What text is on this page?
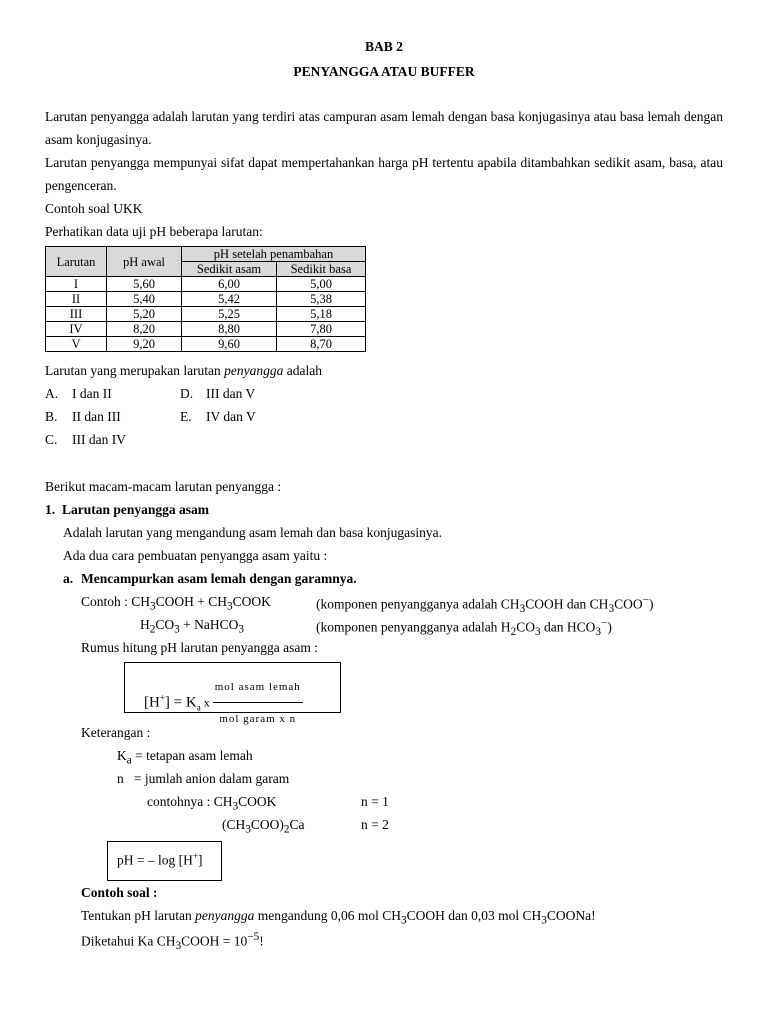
BAB 2
PENYANGGA ATAU BUFFER
Larutan penyangga adalah larutan yang terdiri atas campuran asam lemah dengan basa konjugasinya atau basa lemah dengan asam konjugasinya.
Larutan penyangga mempunyai sifat dapat mempertahankan harga pH tertentu apabila ditambahkan sedikit asam, basa, atau pengenceran.
Contoh soal UKK
Perhatikan data uji pH beberapa larutan:
Larutan	pH awal	pH setelah penambahan	
		Sedikit asam	Sedikit basa
I	5,60	6,00	5,00
II	5,40	5,42	5,38
III	5,20	5,25	5,18
IV	8,20	8,80	7,80
V	9,20	9,60	8,70
Larutan yang merupakan larutan penyangga adalah
A. I dan II
B. II dan III
C. III dan IV
D. III dan V
E. IV dan V
Berikut macam-macam larutan penyangga :
1. Larutan penyangga asam
Adalah larutan yang mengandung asam lemah dan basa konjugasinya.
Ada dua cara pembuatan penyangga asam yaitu :
a. Mencampurkan asam lemah dengan garamnya.
Contoh : $CH_3COOH$ + $CH_3COOK$	(komponen penyangganya adalah $CH_3COOH$ dan $CH_3COO^-$)
$H_2CO_3$ + NaHCO$_3$	(komponen penyangganya adalah $H_2CO_3$ dan $HCO_3^-$)
Rumus hitung pH larutan penyangga asam :
$[H^+] = K_a$ x $\frac{\text{mol asam lemah}}{\text{mol garam x n}}$
Keterangan :
$K_a$ = tetapan asam lemah
n   = jumlah anion dalam garam
contohnya : $CH_3COOK$	n = 1
$(CH_3COO)_2Ca$	n = 2
pH = – log [H+]
Contoh soal :
Tentukan pH larutan penyangga mengandung 0,06 mol $CH_3COOH$ dan 0,03 mol $CH_3COONa$!
Diketahui Ka $CH_3COOH = 10^{-5}$!
